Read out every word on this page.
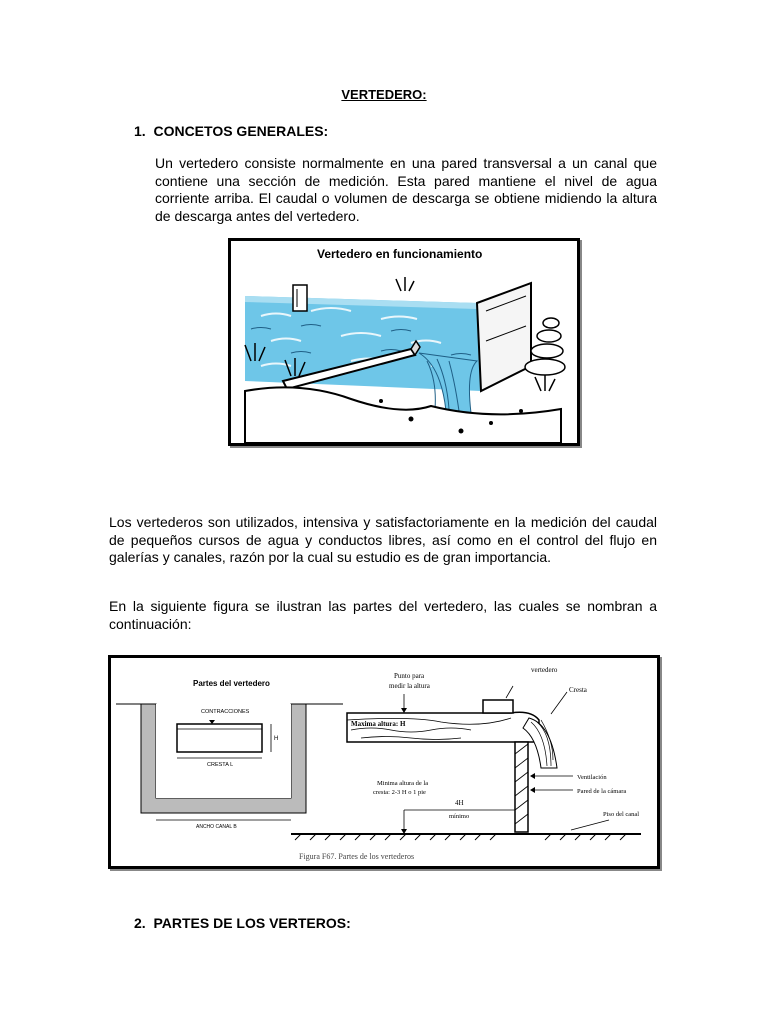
VERTEDERO:
1.  CONCETOS GENERALES:
Un vertedero consiste normalmente en una pared transversal a un canal que contiene una sección de medición. Esta pared mantiene el nivel de agua corriente arriba. El caudal o volumen de descarga se obtiene midiendo la altura de descarga antes del vertedero.
Vertedero en funcionamiento
Los vertederos son utilizados, intensiva y satisfactoriamente en la medición del caudal de pequeños cursos de agua y conductos libres, así como en el control del flujo en galerías y canales, razón por la cual su estudio es de gran importancia.
En la siguiente figura se ilustran las partes del vertedero, las cuales se nombran a continuación:
Partes del vertedero
CONTRACCIONES
H
CRESTA L
ANCHO CANAL B
Punto para
medir la altura
vertedero
Cresta
Maxima altura: H
Minima altura de la
cresta: 2-3 H o 1 pie
4H
mínimo
Ventilación
Pared de la cámara
Piso del canal
Figura F67. Partes de los vertederos
2.  PARTES DE LOS VERTEROS:
